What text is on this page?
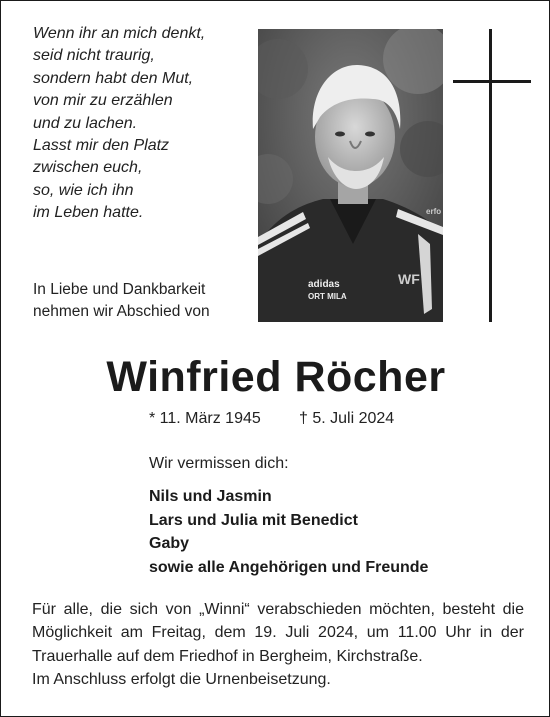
Wenn ihr an mich denkt,
seid nicht traurig,
sondern habt den Mut,
von mir zu erzählen
und zu lachen.
Lasst mir den Platz
zwischen euch,
so, wie ich ihn
im Leben hatte.
In Liebe und Dankbarkeit
nehmen wir Abschied von
adidas
ORT MILA
WF
erfo
Winfried Röcher
* 11. März 1945 † 5. Juli 2024
Wir vermissen dich:
Nils und Jasmin
Lars und Julia mit Benedict
Gaby
sowie alle Angehörigen und Freunde
Für alle, die sich von „Winni“ verabschieden möchten, besteht die Möglichkeit am Freitag, dem 19. Juli 2024, um 11.00 Uhr in der Trauerhalle auf dem Friedhof in Bergheim, Kirchstraße.
Im Anschluss erfolgt die Urnenbeisetzung.
